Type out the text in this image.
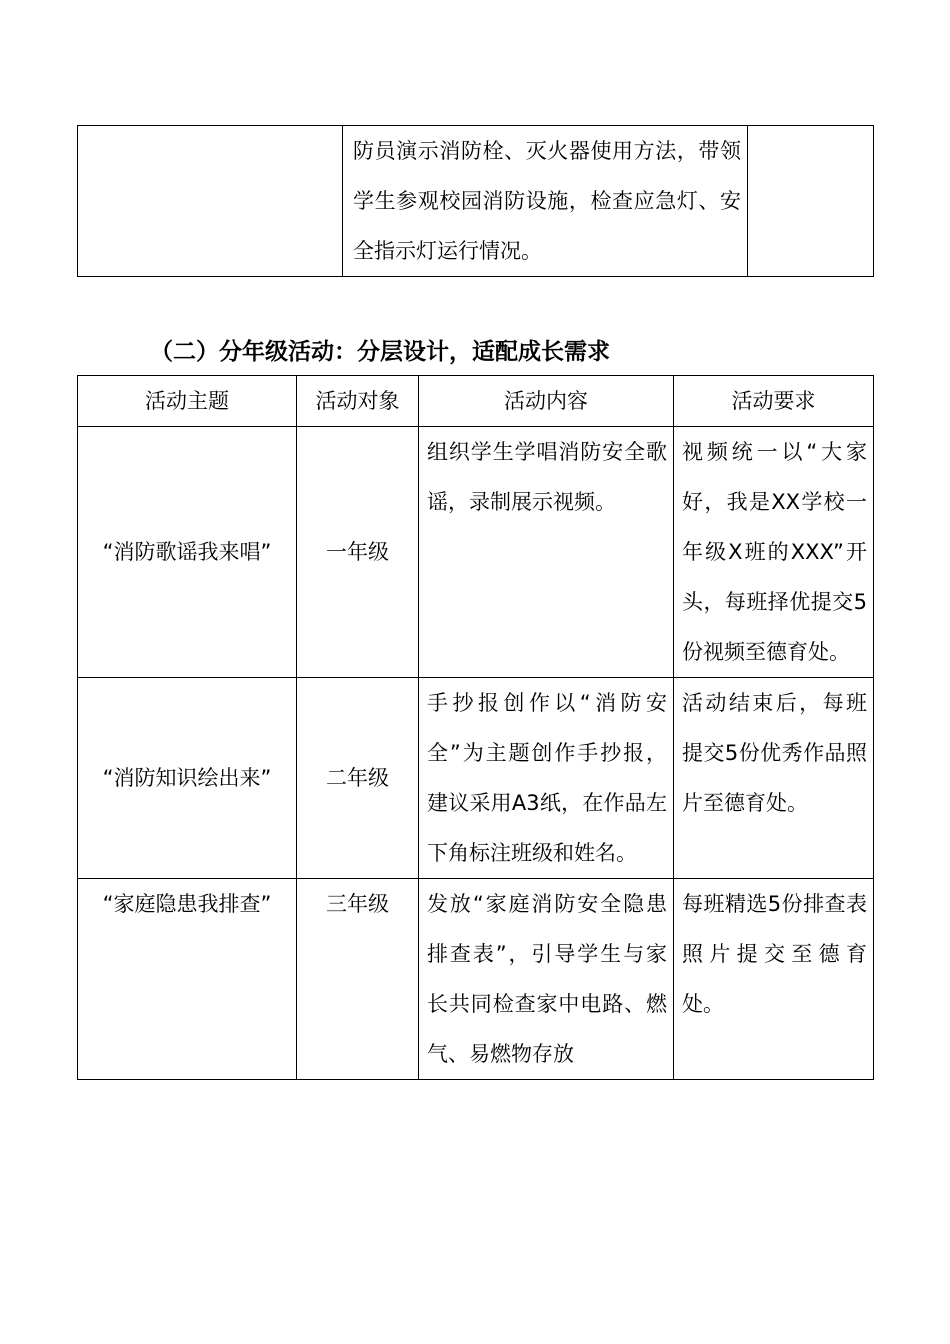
	防员演示消防栓、灭火器使用方法，带领学生参观校园消防设施，检查应急灯、安全指示灯运行情况。	
（二）分年级活动：分层设计，适配成长需求
活动主题	活动对象	活动内容	活动要求
“消防歌谣我来唱”	一年级	组织学生学唱消防安全歌谣，录制展示视频。	视频统一以“大家好，我是XX学校一年级X班的XXX”开头，每班择优提交5份视频至德育处。
“消防知识绘出来”	二年级	手抄报创作以“消防安全”为主题创作手抄报，建议采用A3纸，在作品左下角标注班级和姓名。	活动结束后，每班提交5份优秀作品照片至德育处。
“家庭隐患我排查”	三年级	发放“家庭消防安全隐患排查表”，引导学生与家长共同检查家中电路、燃气、易燃物存放	每班精选5份排查表照片提交至德育处。
